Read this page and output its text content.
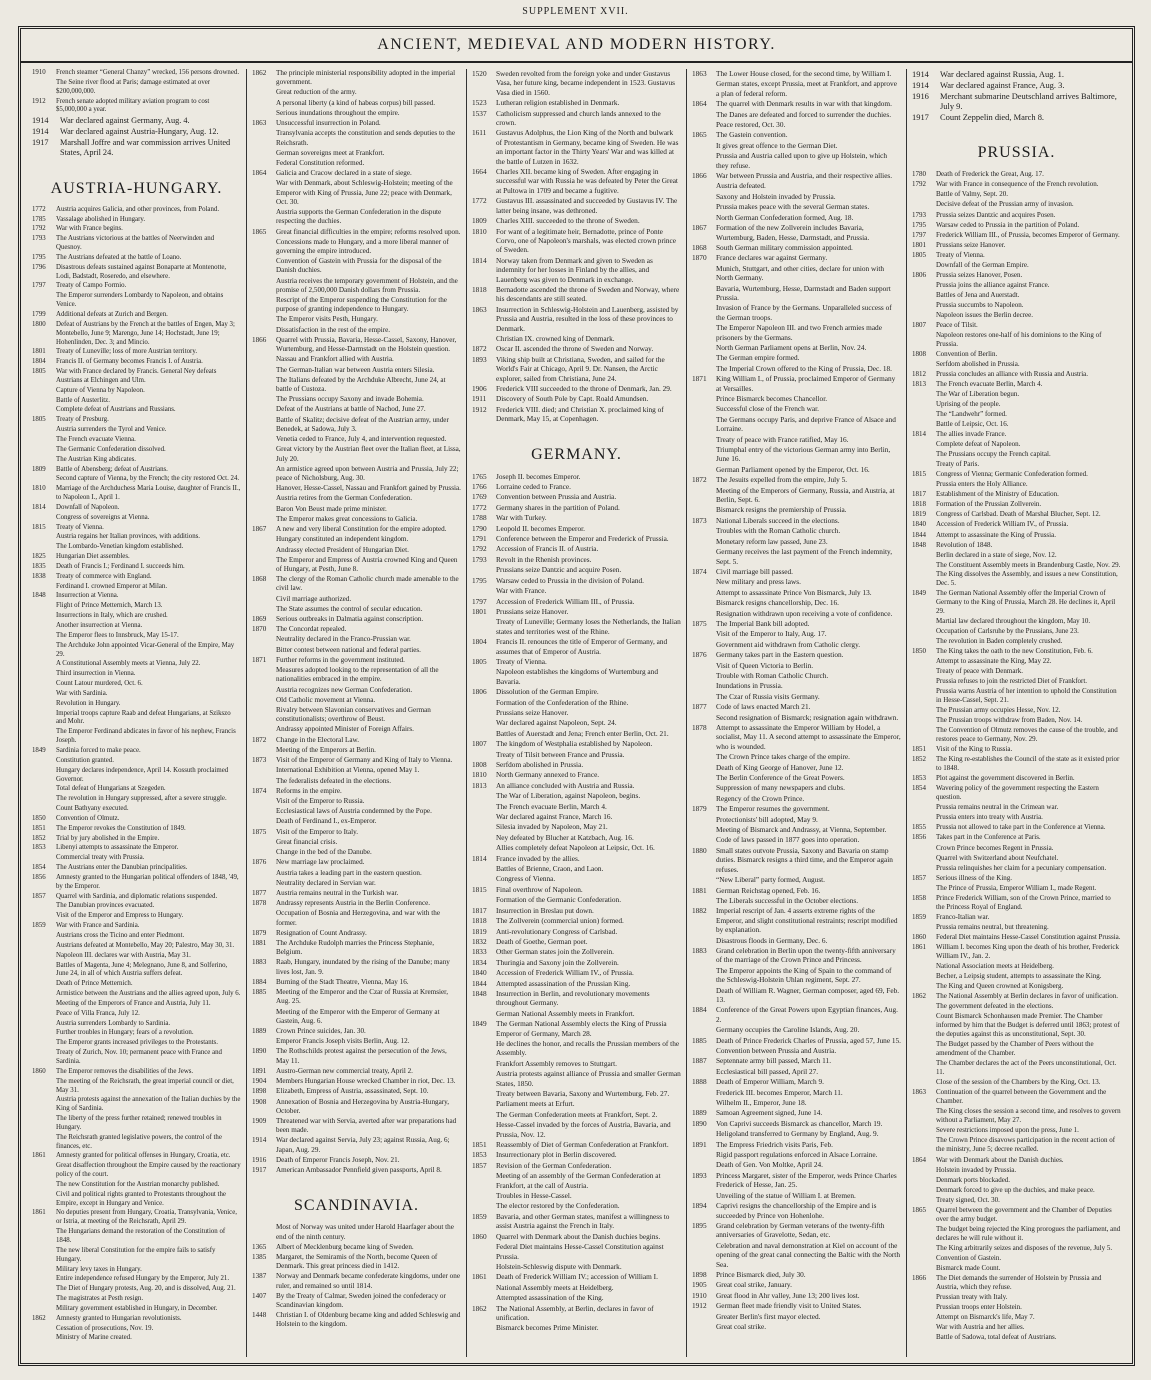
SUPPLEMENT XVII.
ANCIENT, MEDIEVAL AND MODERN HISTORY.
1910	French steamer “General Chanzy” wrecked, 156 persons drowned.
The Seine river flood at Paris; damage estimated at over $200,000,000.
1912	French senate adopted military aviation program to cost $5,000,000 a year.
1914	War declared against Germany, Aug. 4.
1914	War declared against Austria-Hungary, Aug. 12.
1917	Marshall Joffre and war commission arrives United States, April 24.
AUSTRIA-HUNGARY.
1772	Austria acquires Galicia, and other provinces, from Poland.
1785	Vassalage abolished in Hungary.
1792	War with France begins.
1793	The Austrians victorious at the battles of Neerwinden and Quesnoy.
1795	The Austrians defeated at the battle of Loano.
1796	Disastrous defeats sustained against Bonaparte at Montenotte, Lodi, Badstadt, Roseredo, and elsewhere.
1797	Treaty of Campo Formio.
The Emperor surrenders Lombardy to Napoleon, and obtains Venice.
1799	Additional defeats at Zurich and Bergen.
1800	Defeat of Austrians by the French at the battles of Engen, May 3; Montebello, June 9; Marengo, June 14; Hochstadt, June 19; Hohenlinden, Dec. 3; and Mincio.
1801	Treaty of Luneville; loss of more Austrian territory.
1804	Francis II. of Germany becomes Francis I. of Austria.
1805	War with France declared by Francis. General Ney defeats Austrians at Elchingen and Ulm.
Capture of Vienna by Napoleon.
Battle of Austerlitz.
Complete defeat of Austrians and Russians.
1805	Treaty of Presburg.
Austria surrenders the Tyrol and Venice.
The French evacuate Vienna.
The Germanic Confederation dissolved.
The Austrian King abdicates.
1809	Battle of Abensberg; defeat of Austrians.
Second capture of Vienna, by the French; the city restored Oct. 24.
1810	Marriage of the Archduchess Maria Louise, daughter of Francis II., to Napoleon I., April 1.
1814	Downfall of Napoleon.
Congress of sovereigns at Vienna.
1815	Treaty of Vienna.
Austria regains her Italian provinces, with additions.
The Lombardo-Venetian kingdom established.
1825	Hungarian Diet assembles.
1835	Death of Francis I.; Ferdinand I. succeeds him.
1838	Treaty of commerce with England.
Ferdinand I. crowned Emperor at Milan.
1848	Insurrection at Vienna.
Flight of Prince Metternich, March 13.
Insurrections in Italy, which are crushed.
Another insurrection at Vienna.
The Emperor flees to Innsbruck, May 15-17.
The Archduke John appointed Vicar-General of the Empire, May 29.
A Constitutional Assembly meets at Vienna, July 22.
Third insurrection in Vienna.
Count Latour murdered, Oct. 6.
War with Sardinia.
Revolution in Hungary.
Imperial troops capture Raab and defeat Hungarians, at Szikszo and Mohr.
The Emperor Ferdinand abdicates in favor of his nephew, Francis Joseph.
1849	Sardinia forced to make peace.
Constitution granted.
Hungary declares independence, April 14. Kossuth proclaimed Governor.
Total defeat of Hungarians at Szegeden.
The revolution in Hungary suppressed, after a severe struggle.
Count Bathyany executed.
1850	Convention of Olmutz.
1851	The Emperor revokes the Constitution of 1849.
1852	Trial by jury abolished in the Empire.
1853	Libenyi attempts to assassinate the Emperor.
Commercial treaty with Prussia.
1854	The Austrians enter the Danubian principalities.
1856	Amnesty granted to the Hungarian political offenders of 1848, '49, by the Emperor.
1857	Quarrel with Sardinia, and diplomatic relations suspended.
The Danubian provinces evacuated.
Visit of the Emperor and Empress to Hungary.
1859	War with France and Sardinia.
Austrians cross the Ticino and enter Piedmont.
Austrians defeated at Montebello, May 20; Palestro, May 30, 31.
Napoleon III. declares war with Austria, May 31.
Battles of Magenta, June 4; Melegnano, June 8, and Solferino, June 24, in all of which Austria suffers defeat.
Death of Prince Metternich.
Armistice between the Austrians and the allies agreed upon, July 6.
Meeting of the Emperors of France and Austria, July 11.
Peace of Villa Franca, July 12.
Austria surrenders Lombardy to Sardinia.
Further troubles in Hungary; fears of a revolution.
The Emperor grants increased privileges to the Protestants.
Treaty of Zurich, Nov. 10; permanent peace with France and Sardinia.
1860	The Emperor removes the disabilities of the Jews.
The meeting of the Reichsrath, the great imperial council or diet, May 31.
Austria protests against the annexation of the Italian duchies by the King of Sardinia.
The liberty of the press further retained; renewed troubles in Hungary.
The Reichsrath granted legislative powers, the control of the finances, etc.
1861	Amnesty granted for political offenses in Hungary, Croatia, etc.
Great disaffection throughout the Empire caused by the reactionary policy of the court.
The new Constitution for the Austrian monarchy published.
Civil and political rights granted to Protestants throughout the Empire, except in Hungary and Venice.
1861	No deputies present from Hungary, Croatia, Transylvania, Venice, or Istria, at meeting of the Reichsrath, April 29.
The Hungarians demand the restoration of the Constitution of 1848.
The new liberal Constitution for the empire fails to satisfy Hungary.
Military levy taxes in Hungary.
Entire independence refused Hungary by the Emperor, July 21.
The Diet of Hungary protests, Aug. 20, and is dissolved, Aug. 21.
The magistrates at Pesth resign.
Military government established in Hungary, in December.
1862	Amnesty granted to Hungarian revolutionists.
Cessation of prosecutions, Nov. 19.
Ministry of Marine created.
1862	The principle ministerial responsibility adopted in the imperial government.
Great reduction of the army.
A personal liberty (a kind of habeas corpus) bill passed.
Serious inundations throughout the empire.
1863	Unsuccessful insurrection in Poland.
Transylvania accepts the constitution and sends deputies to the Reichsrath.
German sovereigns meet at Frankfort.
Federal Constitution reformed.
1864	Galicia and Cracow declared in a state of siege.
War with Denmark, about Schleswig-Holstein; meeting of the Emperor with King of Prussia, June 22; peace with Denmark, Oct. 30.
Austria supports the German Confederation in the dispute respecting the duchies.
1865	Great financial difficulties in the empire; reforms resolved upon.
Concessions made to Hungary, and a more liberal manner of governing the empire introduced.
Convention of Gastein with Prussia for the disposal of the Danish duchies.
Austria receives the temporary government of Holstein, and the promise of 2,500,000 Danish dollars from Prussia.
Rescript of the Emperor suspending the Constitution for the purpose of granting independence to Hungary.
The Emperor visits Pesth, Hungary.
Dissatisfaction in the rest of the empire.
1866	Quarrel with Prussia, Bavaria, Hesse-Cassel, Saxony, Hanover, Wurtemburg, and Hesse-Darmstadt on the Holstein question.
Nassau and Frankfort allied with Austria.
The German-Italian war between Austria enters Silesia.
The Italians defeated by the Archduke Albrecht, June 24, at battle of Custoza.
The Prussians occupy Saxony and invade Bohemia.
Defeat of the Austrians at battle of Nachod, June 27.
Battle of Skalitz; decisive defeat of the Austrian army, under Benedek, at Sadowa, July 3.
Venetia ceded to France, July 4, and intervention requested.
Great victory by the Austrian fleet over the Italian fleet, at Lissa, July 20.
An armistice agreed upon between Austria and Prussia, July 22; peace of Nicholsburg, Aug. 30.
Hanover, Hesse-Cassel, Nassau and Frankfort gained by Prussia.
Austria retires from the German Confederation.
Baron Von Beust made prime minister.
The Emperor makes great concessions to Galicia.
1867	A new and very liberal Constitution for the empire adopted.
Hungary constituted an independent kingdom.
Andrassy elected President of Hungarian Diet.
The Emperor and Empress of Austria crowned King and Queen of Hungary, at Pesth, June 8.
1868	The clergy of the Roman Catholic church made amenable to the civil law.
Civil marriage authorized.
The State assumes the control of secular education.
1869	Serious outbreaks in Dalmatia against conscription.
1870	The Concordat repealed.
Neutrality declared in the Franco-Prussian war.
Bitter contest between national and federal parties.
1871	Further reforms in the government instituted.
Measures adopted looking to the representation of all the nationalities embraced in the empire.
Austria recognizes new German Confederation.
Old Catholic movement at Vienna.
Rivalry between Slavonian conservatives and German constitutionalists; overthrow of Beust.
Andrassy appointed Minister of Foreign Affairs.
1872	Change in the Electoral Law.
Meeting of the Emperors at Berlin.
1873	Visit of the Emperor of Germany and King of Italy to Vienna.
International Exhibition at Vienna, opened May 1.
The federalists defeated in the elections.
1874	Reforms in the empire.
Visit of the Emperor to Russia.
Ecclesiastical laws of Austria condemned by the Pope.
Death of Ferdinand I., ex-Emperor.
1875	Visit of the Emperor to Italy.
Great financial crisis.
Change in the bed of the Danube.
1876	New marriage law proclaimed.
Austria takes a leading part in the eastern question.
Neutrality declared in Servian war.
1877	Austria remains neutral in the Turkish war.
1878	Andrassy represents Austria in the Berlin Conference.
Occupation of Bosnia and Herzegovina, and war with the former.
1879	Resignation of Count Andrassy.
1881	The Archduke Rudolph marries the Princess Stephanie, Belgium.
1883	Raab, Hungary, inundated by the rising of the Danube; many lives lost, Jan. 9.
1884	Burning of the Stadt Theatre, Vienna, May 16.
1885	Meeting of the Emperor and the Czar of Russia at Kremsier, Aug. 25.
Meeting of the Emperor with the Emperor of Germany at Gastein, Aug. 6.
1889	Crown Prince suicides, Jan. 30.
Emperor Francis Joseph visits Berlin, Aug. 12.
1890	The Rothschilds protest against the persecution of the Jews, May 11.
1891	Austro-German new commercial treaty, April 2.
1904	Members Hungarian House wrecked Chamber in riot, Dec. 13.
1898	Elizabeth, Empress of Austria, assassinated, Sept. 10.
1908	Annexation of Bosnia and Herzegovina by Austria-Hungary, October.
1909	Threatened war with Servia, averted after war preparations had been made.
1914	War declared against Servia, July 23; against Russia, Aug. 6; Japan, Aug. 29.
1916	Death of Emperor Francis Joseph, Nov. 21.
1917	American Ambassador Pennfield given passports, April 8.
SCANDINAVIA.
Most of Norway was united under Harold Haarfager about the end of the ninth century.
1365	Albert of Mecklenburg became king of Sweden.
1385	Margaret, the Semiramis of the North, become Queen of Denmark. This great princess died in 1412.
1387	Norway and Denmark became confederate kingdoms, under one ruler, and remained so until 1814.
1407	By the Treaty of Calmar, Sweden joined the confederacy or Scandinavian kingdom.
1448	Christian I. of Oldenburg became king and added Schleswig and Holstein to the kingdom.
1520	Sweden revolted from the foreign yoke and under Gustavus Vasa, her future king, became independent in 1523. Gustavus Vasa died in 1560.
1523	Lutheran religion established in Denmark.
1537	Catholicism suppressed and church lands annexed to the crown.
1611	Gustavus Adolphus, the Lion King of the North and bulwark of Protestantism in Germany, became king of Sweden. He was an important factor in the Thirty Years' War and was killed at the battle of Lutzen in 1632.
1664	Charles XII. became king of Sweden. After engaging in successful war with Russia he was defeated by Peter the Great at Pultowa in 1709 and became a fugitive.
1772	Gustavus III. assassinated and succeeded by Gustavus IV. The latter being insane, was dethroned.
1809	Charles XIII. succeeded to the throne of Sweden.
1810	For want of a legitimate heir, Bernadotte, prince of Ponte Corvo, one of Napoleon's marshals, was elected crown prince of Sweden.
1814	Norway taken from Denmark and given to Sweden as indemnity for her losses in Finland by the allies, and Lauenberg was given to Denmark in exchange.
1818	Bernadotte ascended the throne of Sweden and Norway, where his descendants are still seated.
1863	Insurrection in Schleswig-Holstein and Lauenberg, assisted by Prussia and Austria, resulted in the loss of these provinces to Denmark.
Christian IX. crowned king of Denmark.
1872	Oscar II. ascended the throne of Sweden and Norway.
1893	Viking ship built at Christiana, Sweden, and sailed for the World's Fair at Chicago, April 9. Dr. Nansen, the Arctic explorer, sailed from Christiana, June 24.
1906	Frederick VIII succeeded to the throne of Denmark, Jan. 29.
1911	Discovery of South Pole by Capt. Roald Amundsen.
1912	Frederick VIII. died; and Christian X. proclaimed king of Denmark, May 15, at Copenhagen.
GERMANY.
1765	Joseph II. becomes Emperor.
1766	Lorraine ceded to France.
1769	Convention between Prussia and Austria.
1772	Germany shares in the partition of Poland.
1788	War with Turkey.
1790	Leopold II. becomes Emperor.
1791	Conference between the Emperor and Frederick of Prussia.
1792	Accession of Francis II. of Austria.
1793	Revolt in the Rhenish provinces.
Prussians seize Dantzic and acquire Posen.
1795	Warsaw ceded to Prussia in the division of Poland.
War with France.
1797	Accession of Frederick William III., of Prussia.
1801	Prussians seize Hanover.
Treaty of Luneville; Germany loses the Netherlands, the Italian states and territories west of the Rhine.
1804	Francis II. renounces the title of Emperor of Germany, and assumes that of Emperor of Austria.
1805	Treaty of Vienna.
Napoleon establishes the kingdoms of Wurtemburg and Bavaria.
1806	Dissolution of the German Empire.
Formation of the Confederation of the Rhine.
Prussians seize Hanover.
War declared against Napoleon, Sept. 24.
Battles of Auerstadt and Jena; French enter Berlin, Oct. 21.
1807	The kingdom of Westphalia established by Napoleon.
Treaty of Tilsit between France and Prussia.
1808	Serfdom abolished in Prussia.
1810	North Germany annexed to France.
1813	An alliance concluded with Austria and Russia.
The War of Liberation, against Napoleon, begins.
The French evacuate Berlin, March 4.
War declared against France, March 16.
Silesia invaded by Napoleon, May 21.
Ney defeated by Blucher at Katzbach, Aug. 16.
Allies completely defeat Napoleon at Leipsic, Oct. 16.
1814	France invaded by the allies.
Battles of Brienne, Craon, and Laon.
Congress of Vienna.
1815	Final overthrow of Napoleon.
Formation of the Germanic Confederation.
1817	Insurrection in Breslau put down.
1818	The Zollverein (commercial union) formed.
1819	Anti-revolutionary Congress of Carlsbad.
1832	Death of Goethe, German poet.
1833	Other German states join the Zollverein.
1834	Thuringia and Saxony join the Zollverein.
1840	Accession of Frederick William IV., of Prussia.
1844	Attempted assassination of the Prussian King.
1848	Insurrection in Berlin, and revolutionary movements throughout Germany.
German National Assembly meets in Frankfort.
1849	The German National Assembly elects the King of Prussia Emperor of Germany, March 28.
He declines the honor, and recalls the Prussian members of the Assembly.
Frankfort Assembly removes to Stuttgart.
Austria protests against alliance of Prussia and smaller German States, 1850.
Treaty between Bavaria, Saxony and Wurtemburg, Feb. 27.
Parliament meets at Erfurt.
The German Confederation meets at Frankfort, Sept. 2.
Hesse-Cassel invaded by the forces of Austria, Bavaria, and Prussia, Nov. 12.
1851	Reassembly of Diet of German Confederation at Frankfort.
1853	Insurrectionary plot in Berlin discovered.
1857	Revision of the German Confederation.
Meeting of an assembly of the German Confederation at Frankfort, at the call of Austria.
Troubles in Hesse-Cassel.
The elector restored by the Confederation.
1859	Bavaria, and other German states, manifest a willingness to assist Austria against the French in Italy.
1860	Quarrel with Denmark about the Danish duchies begins.
Federal Diet maintains Hesse-Cassel Constitution against Prussia.
Holstein-Schleswig dispute with Denmark.
1861	Death of Frederick William IV.; accession of William I.
National Assembly meets at Heidelberg.
Attempted assassination of the King.
1862	The National Assembly, at Berlin, declares in favor of unification.
Bismarck becomes Prime Minister.
1863	The Lower House closed, for the second time, by William I.
German states, except Prussia, meet at Frankfort, and approve a plan of federal reform.
1864	The quarrel with Denmark results in war with that kingdom.
The Danes are defeated and forced to surrender the duchies.
Peace restored, Oct. 30.
1865	The Gastein convention.
It gives great offence to the German Diet.
Prussia and Austria called upon to give up Holstein, which they refuse.
1866	War between Prussia and Austria, and their respective allies.
Austria defeated.
Saxony and Holstein invaded by Prussia.
Prussia makes peace with the several German states.
North German Confederation formed, Aug. 18.
1867	Formation of the new Zollverein includes Bavaria, Wurtemburg, Baden, Hesse, Darmstadt, and Prussia.
1868	South German military commission appointed.
1870	France declares war against Germany.
Munich, Stuttgart, and other cities, declare for union with North Germany.
Bavaria, Wurtemburg, Hesse, Darmstadt and Baden support Prussia.
Invasion of France by the Germans. Unparalleled success of the German troops.
The Emperor Napoleon III. and two French armies made prisoners by the Germans.
North German Parliament opens at Berlin, Nov. 24.
The German empire formed.
The Imperial Crown offered to the King of Prussia, Dec. 18.
1871	King William I., of Prussia, proclaimed Emperor of Germany at Versailles.
Prince Bismarck becomes Chancellor.
Successful close of the French war.
The Germans occupy Paris, and deprive France of Alsace and Lorraine.
Treaty of peace with France ratified, May 16.
Triumphal entry of the victorious German army into Berlin, June 16.
German Parliament opened by the Emperor, Oct. 16.
1872	The Jesuits expelled from the empire, July 5.
Meeting of the Emperors of Germany, Russia, and Austria, at Berlin, Sept. 6.
Bismarck resigns the premiership of Prussia.
1873	National Liberals succeed in the elections.
Troubles with the Roman Catholic church.
Monetary reform law passed, June 23.
Germany receives the last payment of the French indemnity, Sept. 5.
1874	Civil marriage bill passed.
New military and press laws.
Attempt to assassinate Prince Von Bismarck, July 13.
Bismarck resigns chancellorship, Dec. 16.
Resignation withdrawn upon receiving a vote of confidence.
1875	The Imperial Bank bill adopted.
Visit of the Emperor to Italy, Aug. 17.
Government aid withdrawn from Catholic clergy.
1876	Germany takes part in the Eastern question.
Visit of Queen Victoria to Berlin.
Trouble with Roman Catholic Church.
Inundations in Prussia.
The Czar of Russia visits Germany.
1877	Code of laws enacted March 21.
Second resignation of Bismarck; resignation again withdrawn.
1878	Attempt to assassinate the Emperor William by Hodel, a socialist, May 11. A second attempt to assassinate the Emperor, who is wounded.
The Crown Prince takes charge of the empire.
Death of King George of Hanover, June 12.
The Berlin Conference of the Great Powers.
Suppression of many newspapers and clubs.
Regency of the Crown Prince.
1879	The Emperor resumes the government.
Protectionists' bill adopted, May 9.
Meeting of Bismarck and Andrassy, at Vienna, September.
Code of laws passed in 1877 goes into operation.
1880	Small states outvote Prussia, Saxony and Bavaria on stamp duties. Bismarck resigns a third time, and the Emperor again refuses.
“New Liberal” party formed, August.
1881	German Reichstag opened, Feb. 16.
The Liberals successful in the October elections.
1882	Imperial rescript of Jan. 4 asserts extreme rights of the Emperor, and slight constitutional restraints; rescript modified by explanation.
Disastrous floods in Germany, Dec. 6.
1883	Grand celebration in Berlin upon the twenty-fifth anniversary of the marriage of the Crown Prince and Princess.
The Emperor appoints the King of Spain to the command of the Schleswig-Holstein Uhlan regiment, Sept. 27.
Death of William R. Wagner, German composer, aged 69, Feb. 13.
1884	Conference of the Great Powers upon Egyptian finances, Aug. 2.
Germany occupies the Caroline Islands, Aug. 20.
1885	Death of Prince Frederick Charles of Prussia, aged 57, June 15.
Convention between Prussia and Austria.
1887	Septennate army bill passed, March 11.
Ecclesiastical bill passed, April 27.
1888	Death of Emperor William, March 9.
Frederick III. becomes Emperor, March 11.
Wilhelm II., Emperor, June 18.
1889	Samoan Agreement signed, June 14.
1890	Von Caprivi succeeds Bismarck as chancellor, March 19.
Heligoland transferred to Germany by England, Aug. 9.
1891	The Empress Friedrich visits Paris, Feb.
Rigid passport regulations enforced in Alsace Lorraine.
Death of Gen. Von Moltke, April 24.
1893	Princess Margaret, sister of the Emperor, weds Prince Charles Frederick of Hesse, Jan. 25.
Unveiling of the statue of William I. at Bremen.
1894	Caprivi resigns the chancellorship of the Empire and is succeeded by Prince von Hohenlohe.
1895	Grand celebration by German veterans of the twenty-fifth anniversaries of Gravelotte, Sedan, etc.
Celebration and naval demonstration at Kiel on account of the opening of the great canal connecting the Baltic with the North Sea.
1898	Prince Bismarck died, July 30.
1905	Great coal strike, January.
1910	Great flood in Ahr valley, June 13; 200 lives lost.
1912	German fleet made friendly visit to United States.
Greater Berlin's first mayor elected.
Great coal strike.
1914	War declared against Russia, Aug. 1.
1914	War declared against France, Aug. 3.
1916	Merchant submarine Deutschland arrives Baltimore, July 9.
1917	Count Zeppelin died, March 8.
PRUSSIA.
1780	Death of Frederick the Great, Aug. 17.
1792	War with France in consequence of the French revolution.
Battle of Valmy, Sept. 20.
Decisive defeat of the Prussian army of invasion.
1793	Prussia seizes Dantzic and acquires Posen.
1795	Warsaw ceded to Prussia in the partition of Poland.
1797	Frederick William III., of Prussia, becomes Emperor of Germany.
1801	Prussians seize Hanover.
1805	Treaty of Vienna.
Downfall of the German Empire.
1806	Prussia seizes Hanover, Posen.
Prussia joins the alliance against France.
Battles of Jena and Auerstadt.
Prussia succumbs to Napoleon.
Napoleon issues the Berlin decree.
1807	Peace of Tilsit.
Napoleon restores one-half of his dominions to the King of Prussia.
1808	Convention of Berlin.
Serfdom abolished in Prussia.
1812	Prussia concludes an alliance with Russia and Austria.
1813	The French evacuate Berlin, March 4.
The War of Liberation begun.
Uprising of the people.
The “Landwehr” formed.
Battle of Leipsic, Oct. 16.
1814	The allies invade France.
Complete defeat of Napoleon.
The Prussians occupy the French capital.
Treaty of Paris.
1815	Congress of Vienna; Germanic Confederation formed.
Prussia enters the Holy Alliance.
1817	Establishment of the Ministry of Education.
1818	Formation of the Prussian Zollverein.
1819	Congress of Carlsbad. Death of Marshal Blucher, Sept. 12.
1840	Accession of Frederick William IV., of Prussia.
1844	Attempt to assassinate the King of Prussia.
1848	Revolution of 1848.
Berlin declared in a state of siege, Nov. 12.
The Constituent Assembly meets in Brandenburg Castle, Nov. 29. The King dissolves the Assembly, and issues a new Constitution, Dec. 5.
1849	The German National Assembly offer the Imperial Crown of Germany to the King of Prussia, March 28. He declines it, April 29.
Martial law declared throughout the kingdom, May 10.
Occupation of Carlsruhe by the Prussians, June 23.
The revolution in Baden completely crushed.
1850	The King takes the oath to the new Constitution, Feb. 6.
Attempt to assassinate the King, May 22.
Treaty of peace with Denmark.
Prussia refuses to join the restricted Diet of Frankfort.
Prussia warns Austria of her intention to uphold the Constitution in Hesse-Cassel, Sept. 21.
The Prussian army occupies Hesse, Nov. 12.
The Prussian troops withdraw from Baden, Nov. 14.
The Convention of Olmutz removes the cause of the trouble, and restores peace to Germany, Nov. 29.
1851	Visit of the King to Russia.
1852	The King re-establishes the Council of the state as it existed prior to 1848.
1853	Plot against the government discovered in Berlin.
1854	Wavering policy of the government respecting the Eastern question.
Prussia remains neutral in the Crimean war.
Prussia enters into treaty with Austria.
1855	Prussia not allowed to take part in the Conference at Vienna.
1856	Takes part in the Conference at Paris.
Crown Prince becomes Regent in Prussia.
Quarrel with Switzerland about Neufchatel.
Prussia relinquishes her claim for a pecuniary compensation.
1857	Serious illness of the King.
The Prince of Prussia, Emperor William I., made Regent.
1858	Prince Frederick William, son of the Crown Prince, married to the Princess Royal of England.
1859	Franco-Italian war.
Prussia remains neutral, but threatening.
1860	Federal Diet maintains Hesse-Cassel Constitution against Prussia.
1861	William I. becomes King upon the death of his brother, Frederick William IV., Jan. 2.
National Association meets at Heidelberg.
Becher, a Leipsig student, attempts to assassinate the King.
The King and Queen crowned at Konigsberg.
1862	The National Assembly at Berlin declares in favor of unification.
The government defeated in the elections.
Count Bismarck Schonhausen made Premier. The Chamber informed by him that the Budget is deferred until 1863; protest of the deputies against this as unconstitutional, Sept. 30.
The Budget passed by the Chamber of Peers without the amendment of the Chamber.
The Chamber declares the act of the Peers unconstitutional, Oct. 11.
Close of the session of the Chambers by the King, Oct. 13.
1863	Continuation of the quarrel between the Government and the Chamber.
The King closes the session a second time, and resolves to govern without a Parliament, May 27.
Severe restrictions imposed upon the press, June 1.
The Crown Prince disavows participation in the recent action of the ministry, June 5; decree recalled.
1864	War with Denmark about the Danish duchies.
Holstein invaded by Prussia.
Denmark ports blockaded.
Denmark forced to give up the duchies, and make peace.
Treaty signed, Oct. 30.
1865	Quarrel between the government and the Chamber of Deputies over the army budget.
The budget being rejected the King prorogues the parliament, and declares he will rule without it.
The King arbitrarily seizes and disposes of the revenue, July 5.
Convention of Gastein.
Bismarck made Count.
1866	The Diet demands the surrender of Holstein by Prussia and Austria, which they refuse.
Prussian treaty with Italy.
Prussian troops enter Holstein.
Attempt on Bismarck's life, May 7.
War with Austria and her allies.
Battle of Sadowa, total defeat of Austrians.
